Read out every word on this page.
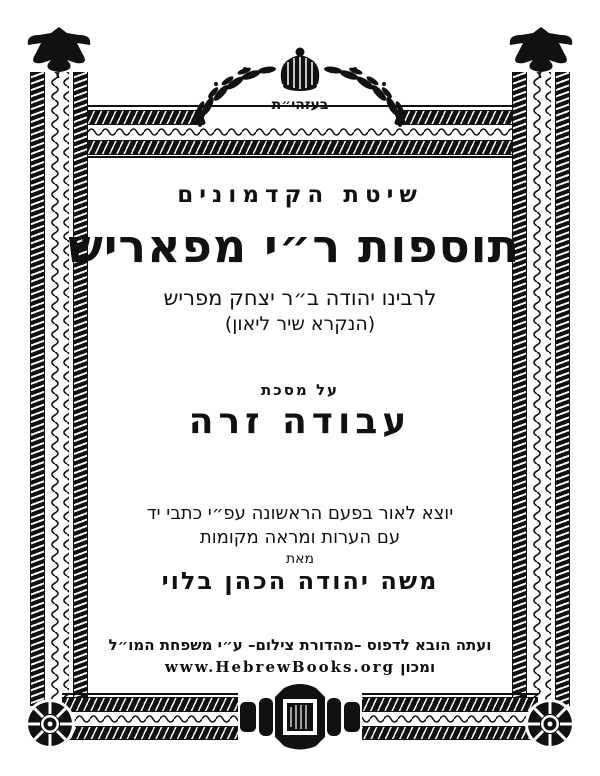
בעזהי״ת
שיטת הקדמונים
תוספות ר״י מפאריש
לרבינו יהודה ב״ר יצחק מפריש
(הנקרא שיר ליאון)
על מסכת
עבודה זרה
יוצא לאור בפעם הראשונה עפ״י כתבי יד
עם הערות ומראה מקומות
מאת
משה יהודה הכהן בלוי
ועתה הובא לדפוס –מהדורת צילום– ע״י משפחת המו״ל
ומכון www.HebrewBooks.org
